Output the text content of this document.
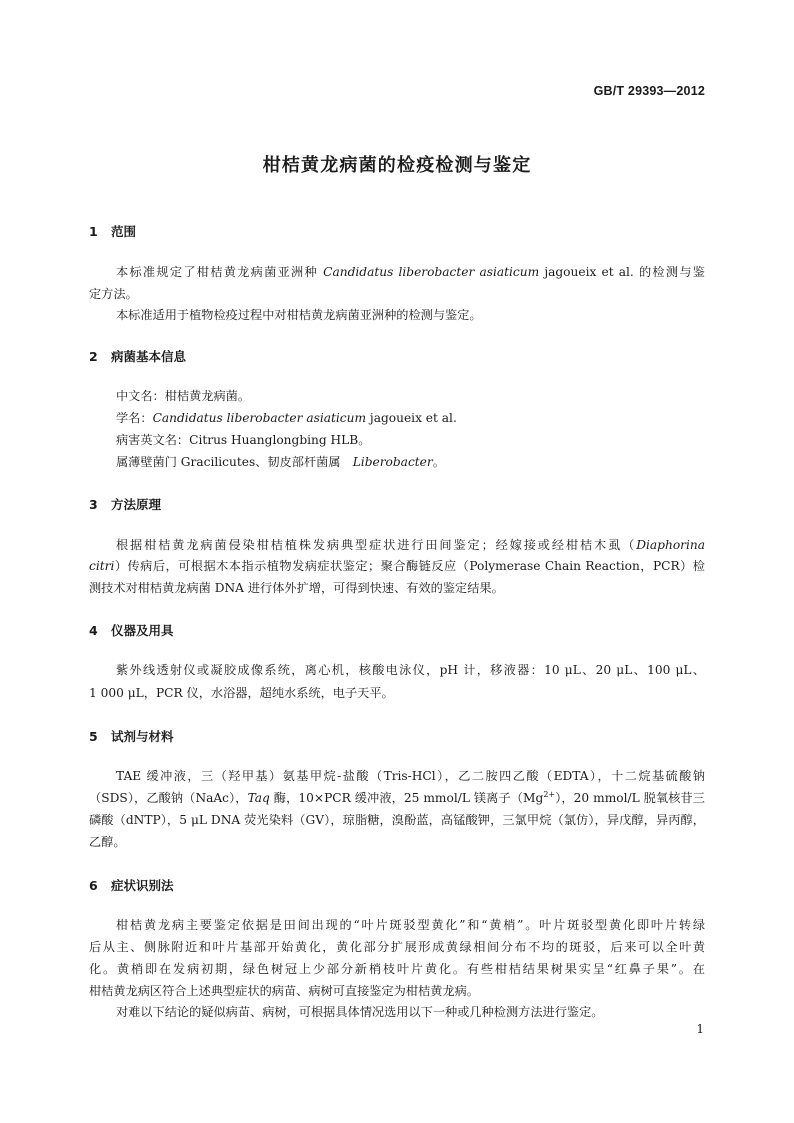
GB/T 29393—2012
柑桔黄龙病菌的检疫检测与鉴定
1 范围
本标准规定了柑桔黄龙病菌亚洲种 Candidatus liberobacter asiaticum jagoueix et al. 的检测与鉴
定方法。
本标准适用于植物检疫过程中对柑桔黄龙病菌亚洲种的检测与鉴定。
2 病菌基本信息
中文名：柑桔黄龙病菌。
学名：Candidatus liberobacter asiaticum jagoueix et al.
病害英文名：Citrus Huanglongbing HLB。
属薄壁菌门 Gracilicutes、韧皮部杆菌属　Liberobacter。
3 方法原理
根据柑桔黄龙病菌侵染柑桔植株发病典型症状进行田间鉴定；经嫁接或经柑桔木虱（Diaphorina
citri）传病后，可根据木本指示植物发病症状鉴定；聚合酶链反应（Polymerase Chain Reaction，PCR）检
测技术对柑桔黄龙病菌 DNA 进行体外扩增，可得到快速、有效的鉴定结果。
4 仪器及用具
紫外线透射仪或凝胶成像系统，离心机，核酸电泳仪，pH 计，移液器：10 μL、20 μL、100 μL、
1 000 μL，PCR 仪，水浴器，超纯水系统，电子天平。
5 试剂与材料
TAE 缓冲液，三（羟甲基）氨基甲烷-盐酸（Tris-HCl），乙二胺四乙酸（EDTA），十二烷基硫酸钠
（SDS），乙酸钠（NaAc），Taq 酶，10×PCR 缓冲液，25 mmol/L 镁离子$(Mg^{2+})$，20 mmol/L 脱氧核苷三
磷酸（dNTP），5 μL DNA 荧光染料（GV），琼脂糖，溴酚蓝，高锰酸钾，三氯甲烷（氯仿），异戊醇，异丙醇，
乙醇。
6 症状识别法
柑桔黄龙病主要鉴定依据是田间出现的“叶片斑驳型黄化”和“黄梢”。叶片斑驳型黄化即叶片转绿
后从主、侧脉附近和叶片基部开始黄化，黄化部分扩展形成黄绿相间分布不均的斑驳，后来可以全叶黄
化。黄梢即在发病初期，绿色树冠上少部分新梢枝叶片黄化。有些柑桔结果树果实呈“红鼻子果”。在
柑桔黄龙病区符合上述典型症状的病苗、病树可直接鉴定为柑桔黄龙病。
对难以下结论的疑似病苗、病树，可根据具体情况选用以下一种或几种检测方法进行鉴定。
1
